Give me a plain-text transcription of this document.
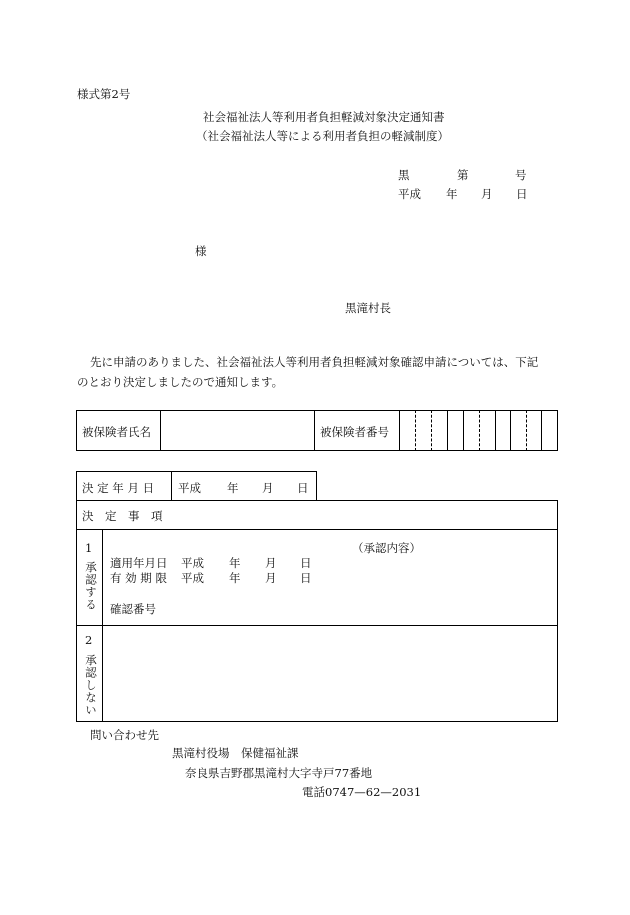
様式第2号
社会福祉法人等利用者負担軽減対象決定通知書
（社会福祉法人等による利用者負担の軽減制度）
黒	第	号
平成 年 月 日
様
黒滝村長
先に申請のありました、社会福祉法人等利用者負担軽減対象確認申請については、下記
のとおり決定しましたので通知します。
被保険者氏名	被保険者番号
決 定 年 月 日 平成 年 月 日
決　定　事　項
1
承認する
（承認内容）
適用年月日 平成 年 月 日
有 効 期 限 平成 年 月 日
確認番号
2
承認しない
問い合わせ先
黒滝村役場　保健福祉課
奈良県吉野郡黒滝村大字寺戸77番地
電話0747—62—2031
